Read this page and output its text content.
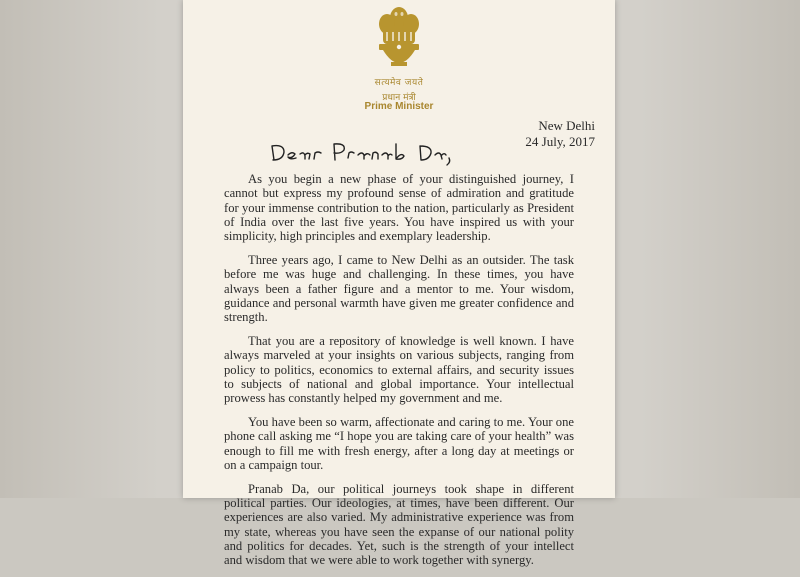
सत्यमेव जयते
प्रधान मंत्री
Prime Minister
New Delhi
24 July, 2017

As you begin a new phase of your distinguished journey, I cannot but express my profound sense of admiration and gratitude for your immense contribution to the nation, particularly as President of India over the last five years. You have inspired us with your simplicity, high principles and exemplary leadership.

Three years ago, I came to New Delhi as an outsider. The task before me was huge and challenging. In these times, you have always been a father figure and a mentor to me. Your wisdom, guidance and personal warmth have given me greater confidence and strength.

That you are a repository of knowledge is well known. I have always marveled at your insights on various subjects, ranging from policy to politics, economics to external affairs, and security issues to subjects of national and global importance. Your intellectual prowess has constantly helped my government and me.

You have been so warm, affectionate and caring to me. Your one phone call asking me “I hope you are taking care of your health” was enough to fill me with fresh energy, after a long day at meetings or on a campaign tour.

Pranab Da, our political journeys took shape in different political parties. Our ideologies, at times, have been different. Our experiences are also varied. My administrative experience was from my state, whereas you have seen the expanse of our national polity and politics for decades. Yet, such is the strength of your intellect and wisdom that we were able to work together with synergy.
